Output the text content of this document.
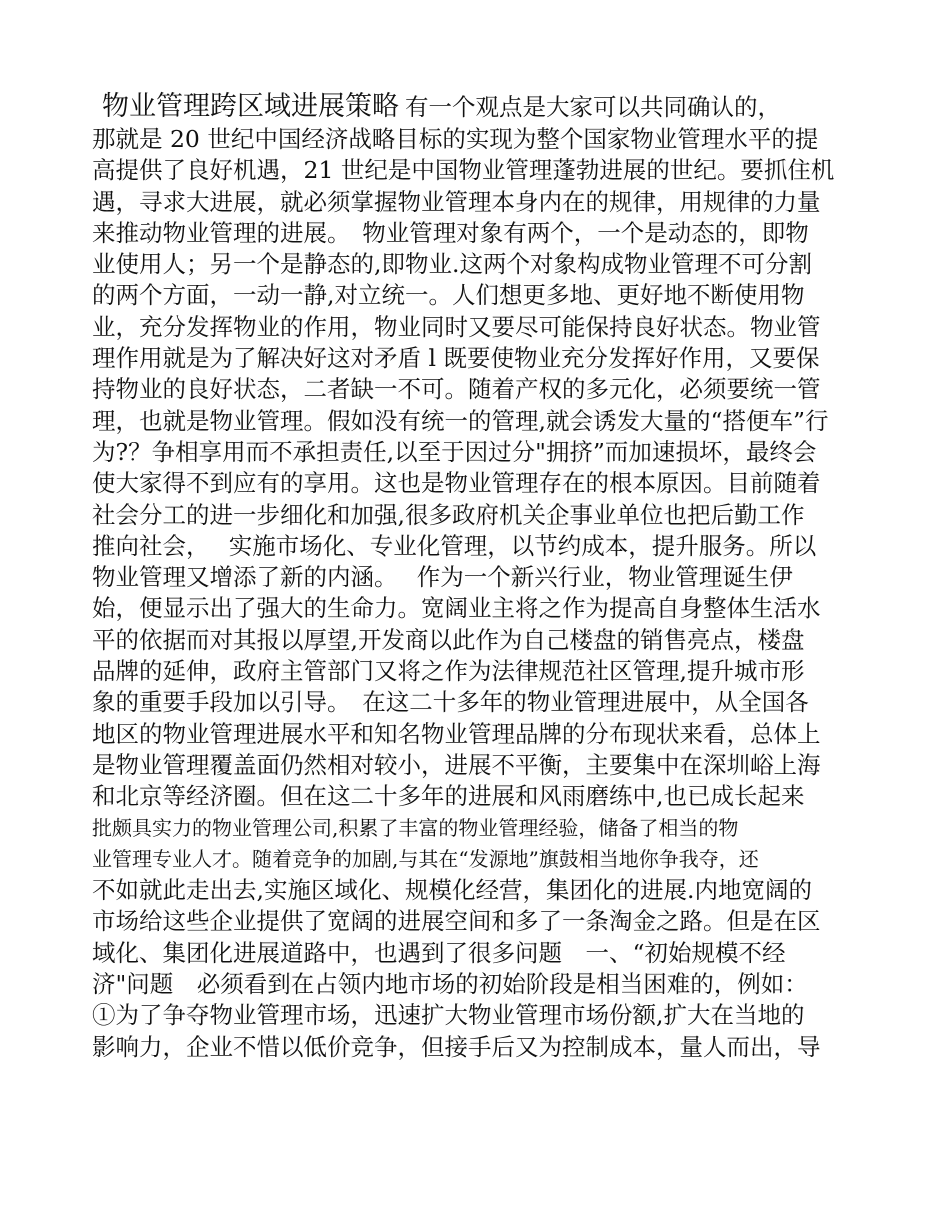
物业管理跨区域进展策略 有一个观点是大家可以共同确认的，
那就是 20 世纪中国经济战略目标的实现为整个国家物业管理水平的提
高提供了良好机遇，21 世纪是中国物业管理蓬勃进展的世纪。要抓住机
遇，寻求大进展，就必须掌握物业管理本身内在的规律，用规律的力量
来推动物业管理的进展。　物业管理对象有两个，一个是动态的，即物
业使用人；另一个是静态的,即物业.这两个对象构成物业管理不可分割
的两个方面，一动一静,对立统一。人们想更多地、更好地不断使用物
业，充分发挥物业的作用，物业同时又要尽可能保持良好状态。物业管
理作用就是为了解决好这对矛盾 l 既要使物业充分发挥好作用，又要保
持物业的良好状态，二者缺一不可。随着产权的多元化，必须要统一管
理，也就是物业管理。假如没有统一的管理,就会诱发大量的“搭便车”行
为?？争相享用而不承担责任,以至于因过分"拥挤”而加速损坏，最终会
使大家得不到应有的享用。这也是物业管理存在的根本原因。目前随着
社会分工的进一步细化和加强,很多政府机关企事业单位也把后勤工作
推向社会，　 实施市场化、专业化管理，以节约成本，提升服务。所以
物业管理又增添了新的内涵。　 作为一个新兴行业，物业管理诞生伊
始，便显示出了强大的生命力。宽阔业主将之作为提高自身整体生活水
平的依据而对其报以厚望,开发商以此作为自己楼盘的销售亮点，楼盘
品牌的延伸，政府主管部门又将之作为法律规范社区管理,提升城市形
象的重要手段加以引导。　在这二十多年的物业管理进展中，从全国各
地区的物业管理进展水平和知名物业管理品牌的分布现状来看，总体上
是物业管理覆盖面仍然相对较小，进展不平衡，主要集中在深圳峪上海
和北京等经济圈。但在这二十多年的进展和风雨磨练中,也已成长起来
批颇具实力的物业管理公司,积累了丰富的物业管理经验，储备了相当的物
业管理专业人才。随着竞争的加剧,与其在“发源地”旗鼓相当地你争我夺，还
不如就此走出去,实施区域化、规模化经营，集团化的进展.内地宽阔的
市场给这些企业提供了宽阔的进展空间和多了一条淘金之路。但是在区
域化、集团化进展道路中，也遇到了很多问题　一、“初始规模不经
济"问题　必须看到在占领内地市场的初始阶段是相当困难的，例如：
①为了争夺物业管理市场，迅速扩大物业管理市场份额,扩大在当地的
影响力，企业不惜以低价竞争，但接手后又为控制成本，量人而出，导
